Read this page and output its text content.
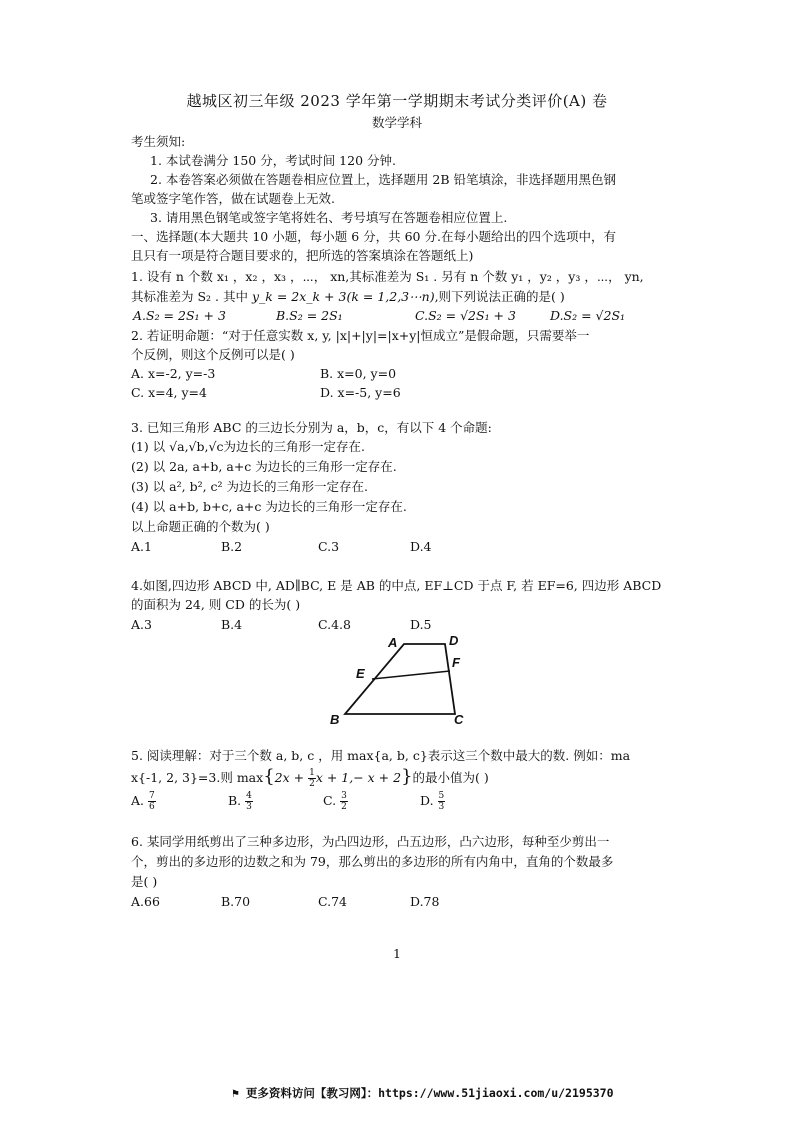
越城区初三年级 2023 学年第一学期期末考试分类评价(A) 卷
数学学科
考生须知:
1. 本试卷满分 150 分，考试时间 120 分钟.
2. 本卷答案必须做在答题卷相应位置上，选择题用 2B 铅笔填涂，非选择题用黑色钢
笔或签字笔作答，做在试题卷上无效.
3. 请用黑色钢笔或签字笔将姓名、考号填写在答题卷相应位置上.
一、选择题(本大题共 10 小题，每小题 6 分，共 60 分.在每小题给出的四个选项中，有
且只有一项是符合题目要求的，把所选的答案填涂在答题纸上)
1. 设有 n 个数 x₁ ，x₂ ，x₃ ，⋯， xn,其标准差为 S₁ . 另有 n 个数 y₁ ，y₂ ，y₃ ，⋯， yn,
其标准差为 S₂ . 其中 y_k = 2x_k + 3(k = 1,2,3⋯n),则下列说法正确的是( )
A.S₂ = 2S₁ + 3	B.S₂ = 2S₁	C.S₂ = √2S₁ + 3	D.S₂ = √2S₁
2. 若证明命题：“对于任意实数 x, y, |x|+|y|=|x+y|恒成立”是假命题，只需要举一
个反例，则这个反例可以是( )
A. x=-2, y=-3	B. x=0, y=0
C. x=4, y=4	D. x=-5, y=6
3. 已知三角形 ABC 的三边长分别为 a，b，c，有以下 4 个命题:
(1) 以 √a,√b,√c为边长的三角形一定存在.
(2) 以 2a, a+b, a+c 为边长的三角形一定存在.
(3) 以 a², b², c² 为边长的三角形一定存在.
(4) 以 a+b, b+c, a+c 为边长的三角形一定存在.
以上命题正确的个数为( )
A.1	B.2	C.3	D.4
4.如图,四边形 ABCD 中, AD∥BC, E 是 AB 的中点, EF⊥CD 于点 F, 若 EF=6, 四边形 ABCD
的面积为 24, 则 CD 的长为( )
A.3	B.4	C.4.8	D.5
A	D
F
E
B	C
5. 阅读理解：对于三个数 a, b, c ，用 max{a, b, c}表示这三个数中最大的数. 例如：ma
x{-1, 2, 3}=3.则 $\max\{2x + \frac{1}{2}$ x + 1,− x + 2}的最小值为( )
A. $\frac{7}{6}$	B. $\frac{4}{3}$	C. $\frac{3}{2}$	D. $\frac{5}{3}$
6. 某同学用纸剪出了三种多边形，为凸四边形，凸五边形，凸六边形，每种至少剪出一
个，剪出的多边形的边数之和为 79，那么剪出的多边形的所有内角中，直角的个数最多
是( )
A.66	B.70	C.74	D.78
1
⚑ 更多资料访问【教习网】：https://www.51jiaoxi.com/u/2195370
